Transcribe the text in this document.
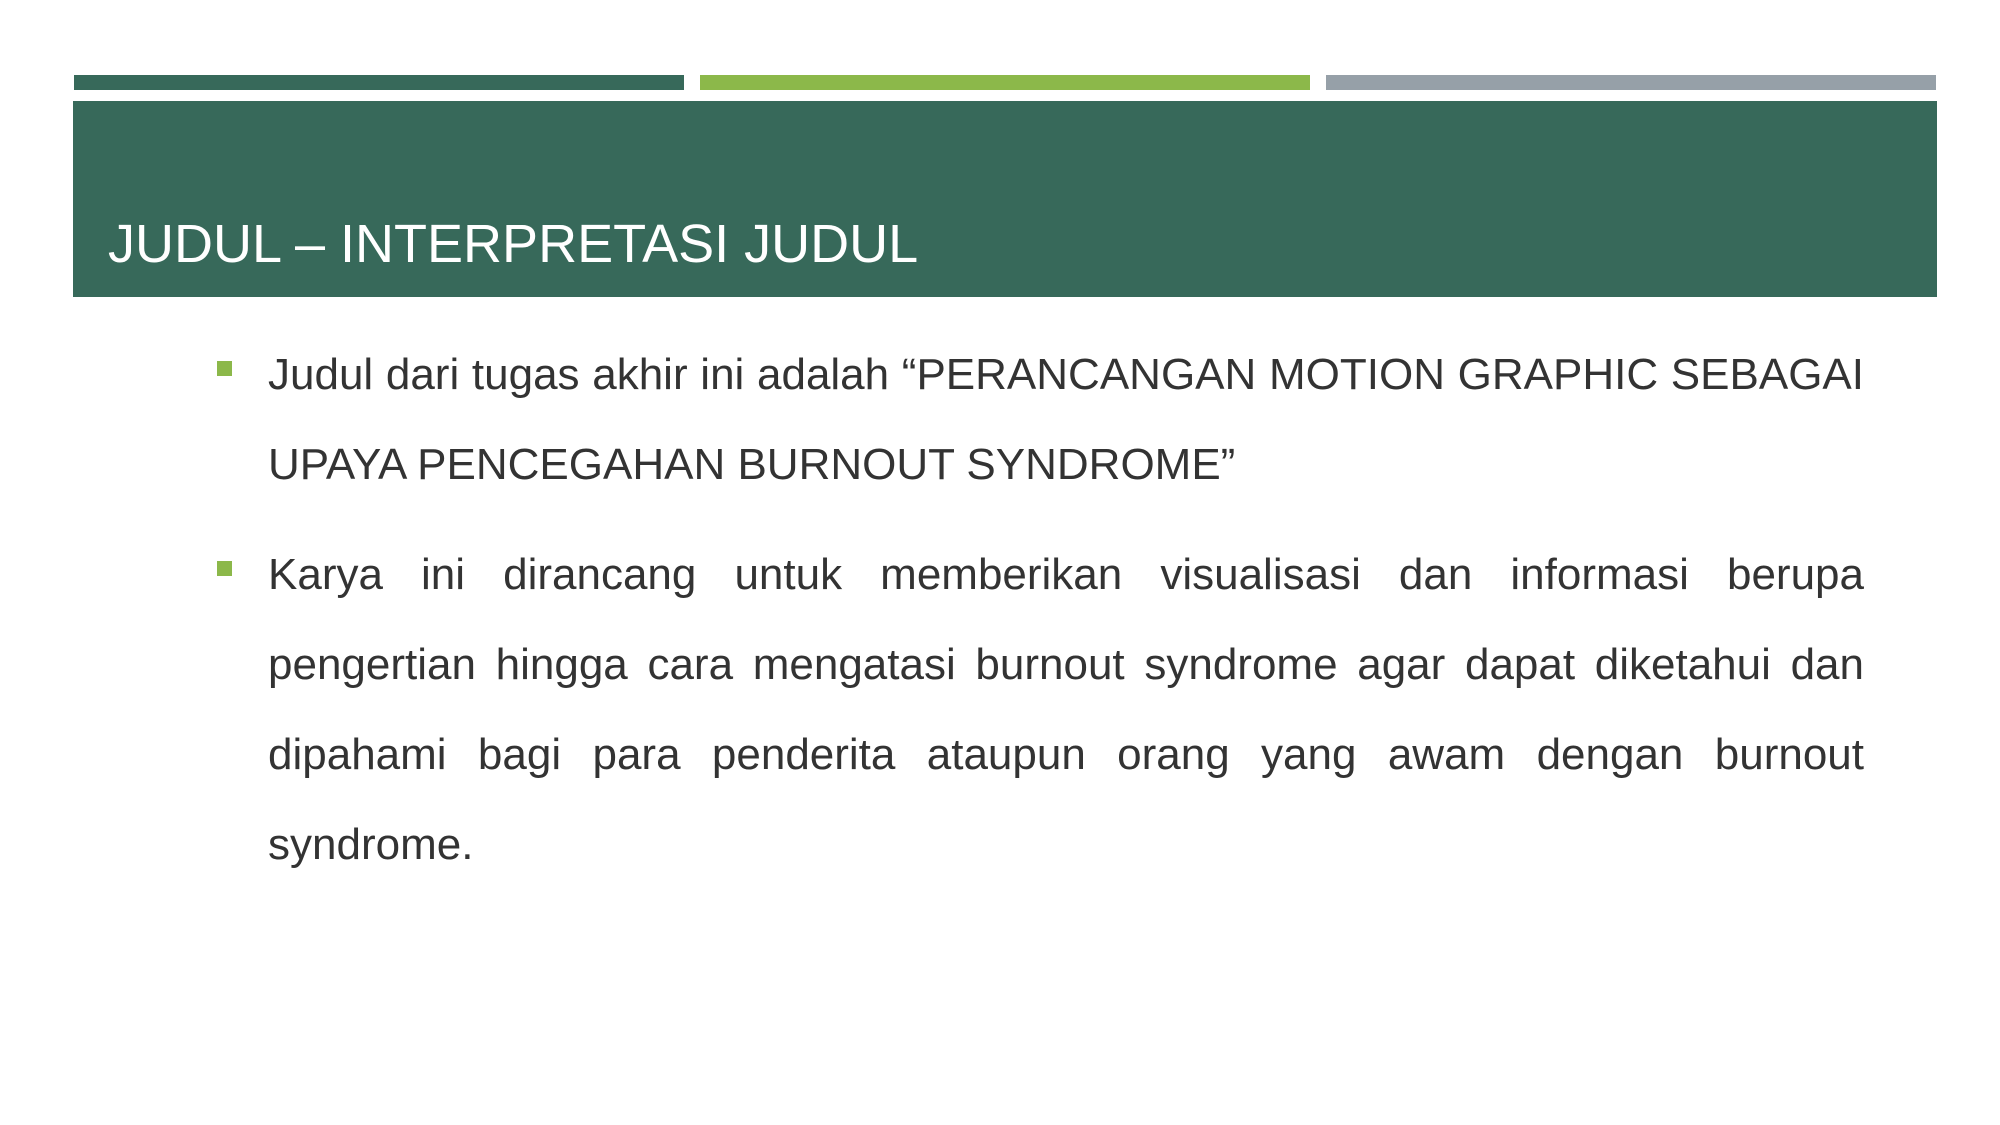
JUDUL – INTERPRETASI JUDUL
Judul dari tugas akhir ini adalah “PERANCANGAN MOTION GRAPHIC SEBAGAI UPAYA PENCEGAHAN BURNOUT SYNDROME”
Karya ini dirancang untuk memberikan visualisasi dan informasi berupa pengertian hingga cara mengatasi burnout syndrome agar dapat diketahui dan dipahami bagi para penderita ataupun orang yang awam dengan burnout syndrome.
